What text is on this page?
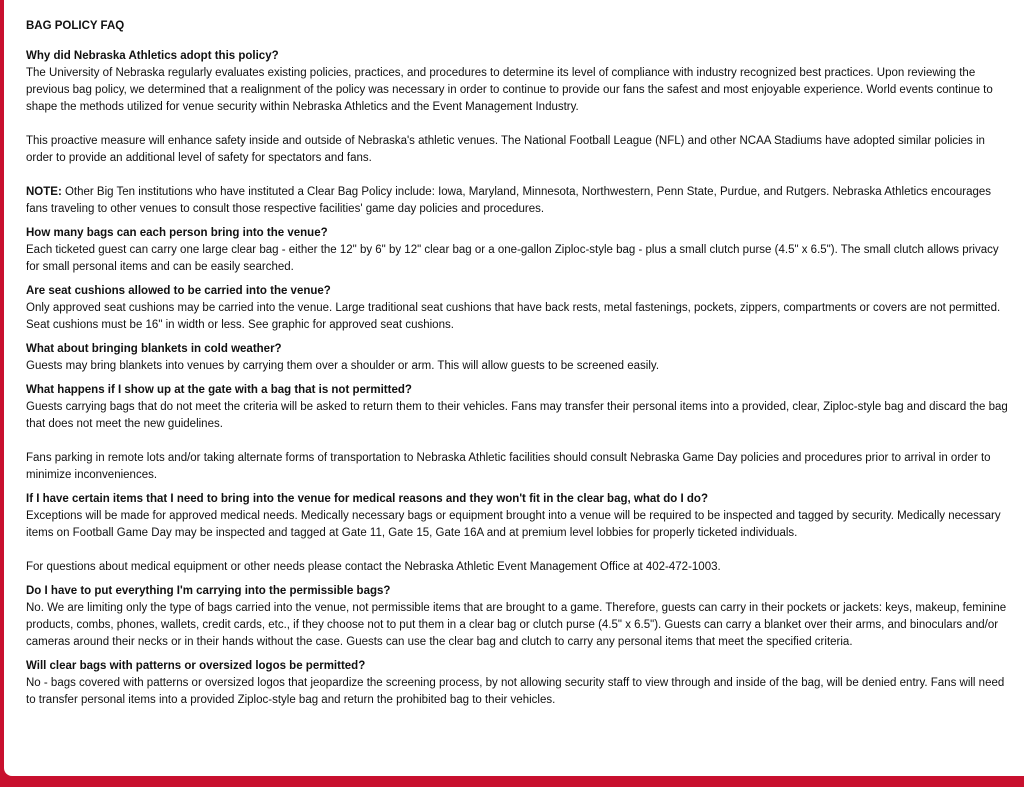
BAG POLICY FAQ
Why did Nebraska Athletics adopt this policy?

The University of Nebraska regularly evaluates existing policies, practices, and procedures to determine its level of compliance with industry recognized best practices. Upon reviewing the previous bag policy, we determined that a realignment of the policy was necessary in order to continue to provide our fans the safest and most enjoyable experience. World events continue to shape the methods utilized for venue security within Nebraska Athletics and the Event Management Industry.

This proactive measure will enhance safety inside and outside of Nebraska's athletic venues. The National Football League (NFL) and other NCAA Stadiums have adopted similar policies in order to provide an additional level of safety for spectators and fans.

NOTE: Other Big Ten institutions who have instituted a Clear Bag Policy include: Iowa, Maryland, Minnesota, Northwestern, Penn State, Purdue, and Rutgers. Nebraska Athletics encourages fans traveling to other venues to consult those respective facilities' game day policies and procedures.

How many bags can each person bring into the venue?

Each ticketed guest can carry one large clear bag - either the 12" by 6" by 12" clear bag or a one-gallon Ziploc-style bag - plus a small clutch purse (4.5" x 6.5"). The small clutch allows privacy for small personal items and can be easily searched.

Are seat cushions allowed to be carried into the venue?

Only approved seat cushions may be carried into the venue. Large traditional seat cushions that have back rests, metal fastenings, pockets, zippers, compartments or covers are not permitted. Seat cushions must be 16" in width or less. See graphic for approved seat cushions.

What about bringing blankets in cold weather?

Guests may bring blankets into venues by carrying them over a shoulder or arm. This will allow guests to be screened easily.

What happens if I show up at the gate with a bag that is not permitted?

Guests carrying bags that do not meet the criteria will be asked to return them to their vehicles. Fans may transfer their personal items into a provided, clear, Ziploc-style bag and discard the bag that does not meet the new guidelines.

Fans parking in remote lots and/or taking alternate forms of transportation to Nebraska Athletic facilities should consult Nebraska Game Day policies and procedures prior to arrival in order to minimize inconveniences.

If I have certain items that I need to bring into the venue for medical reasons and they won't fit in the clear bag, what do I do?

Exceptions will be made for approved medical needs. Medically necessary bags or equipment brought into a venue will be required to be inspected and tagged by security. Medically necessary items on Football Game Day may be inspected and tagged at Gate 11, Gate 15, Gate 16A and at premium level lobbies for properly ticketed individuals.

For questions about medical equipment or other needs please contact the Nebraska Athletic Event Management Office at 402-472-1003.

Do I have to put everything I'm carrying into the permissible bags?

No. We are limiting only the type of bags carried into the venue, not permissible items that are brought to a game. Therefore, guests can carry in their pockets or jackets: keys, makeup, feminine products, combs, phones, wallets, credit cards, etc., if they choose not to put them in a clear bag or clutch purse (4.5" x 6.5"). Guests can carry a blanket over their arms, and binoculars and/or cameras around their necks or in their hands without the case. Guests can use the clear bag and clutch to carry any personal items that meet the specified criteria.

Will clear bags with patterns or oversized logos be permitted?

No - bags covered with patterns or oversized logos that jeopardize the screening process, by not allowing security staff to view through and inside of the bag, will be denied entry. Fans will need to transfer personal items into a provided Ziploc-style bag and return the prohibited bag to their vehicles.
